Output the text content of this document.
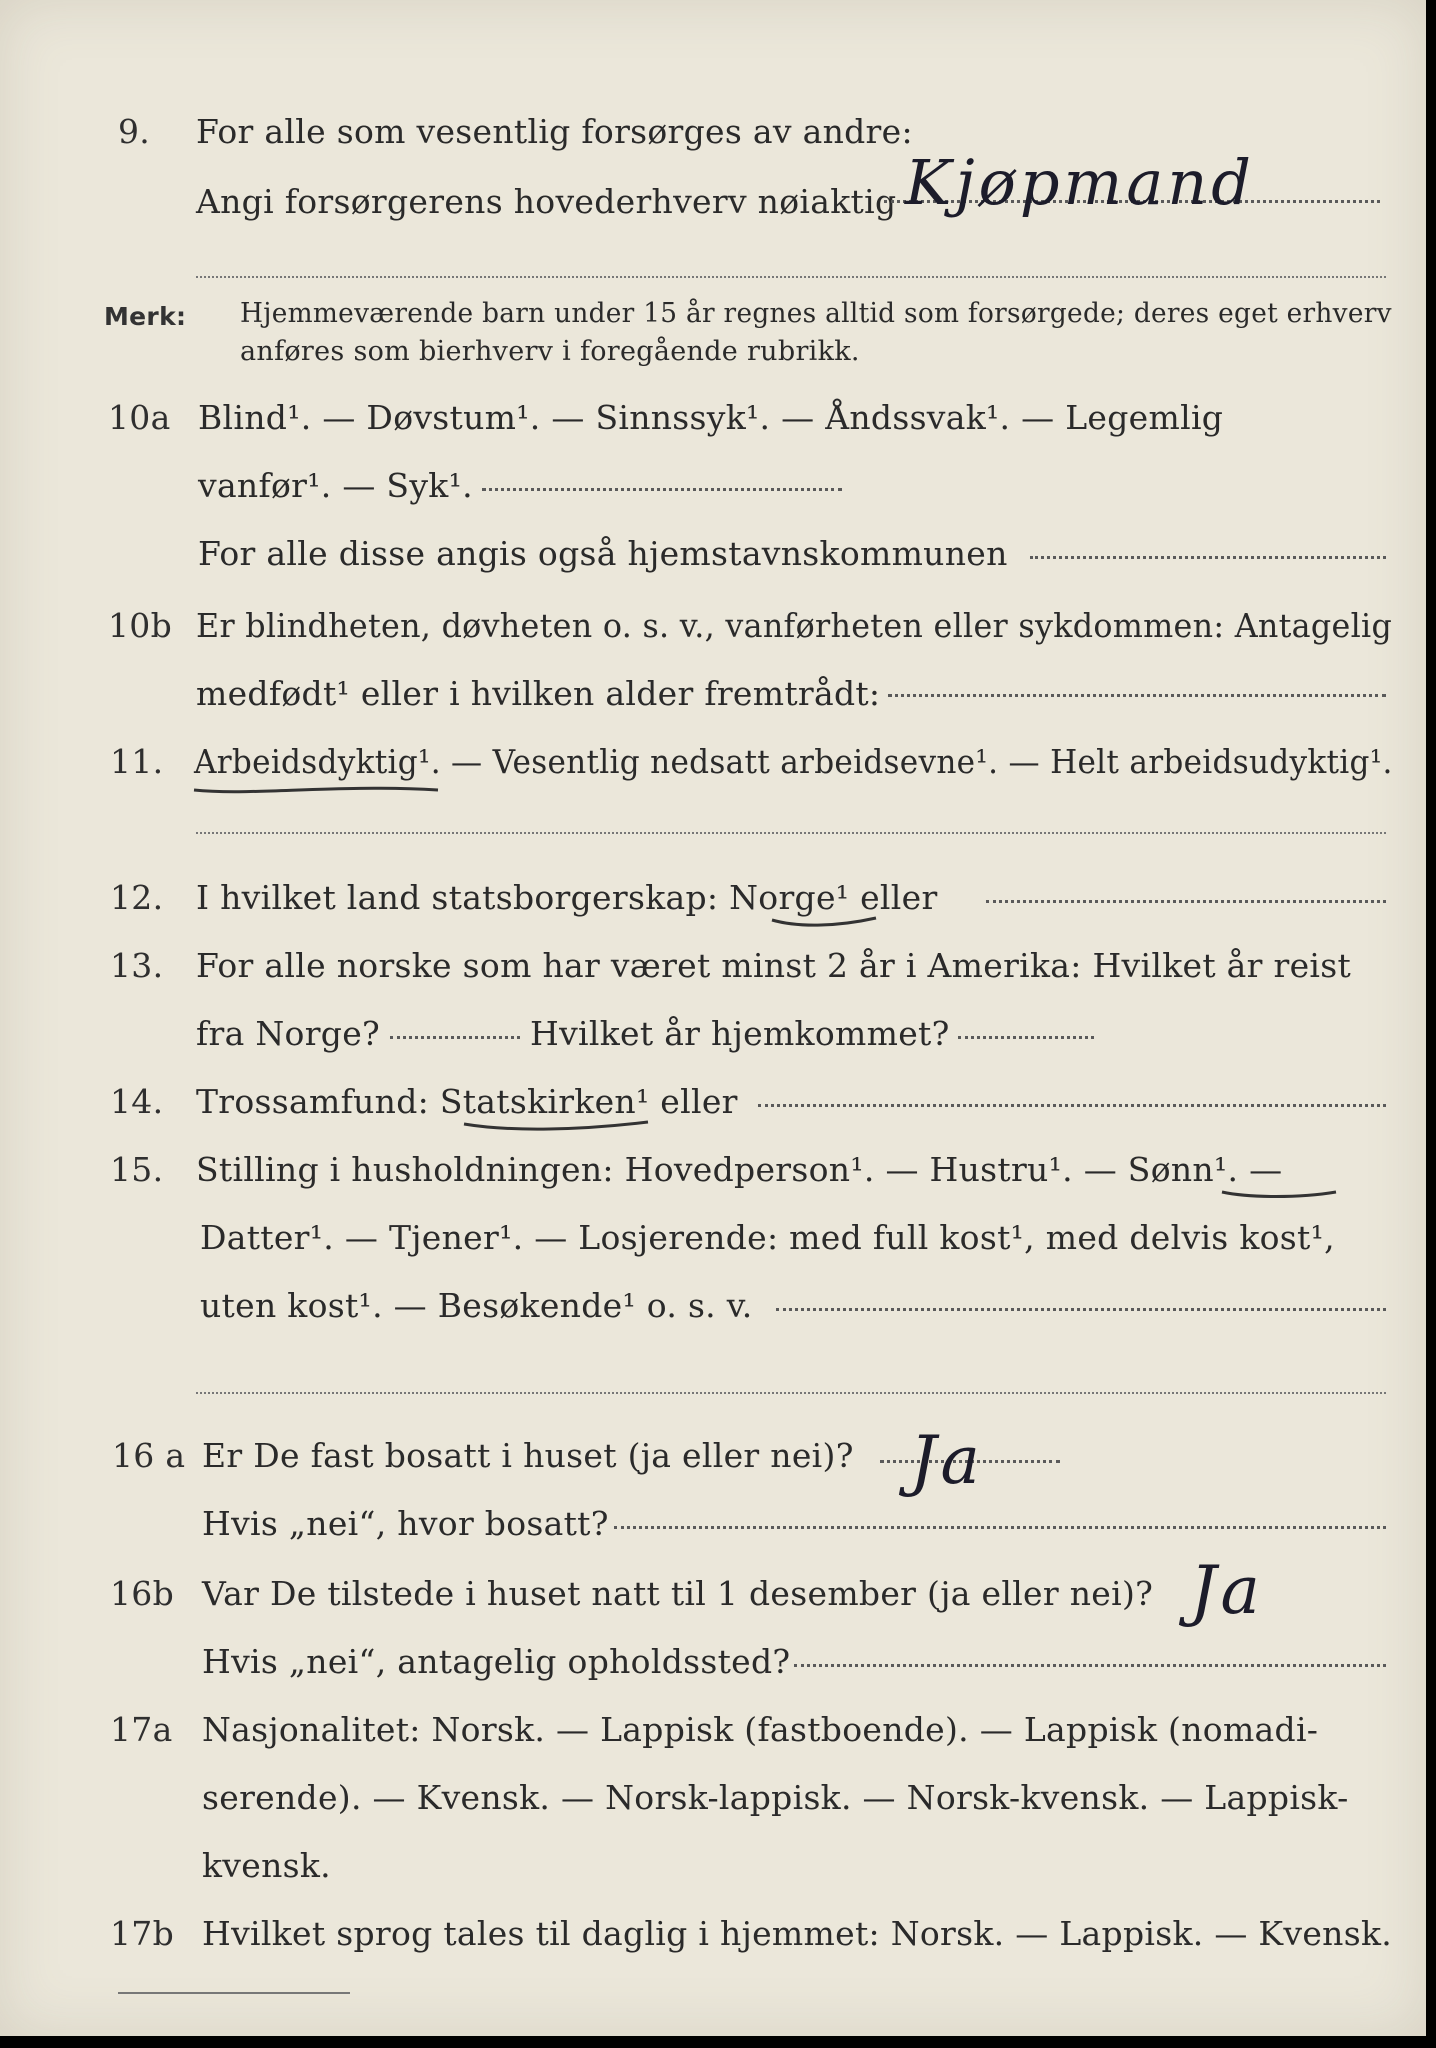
9. For alle som vesentlig forsørges av andre:
Angi forsørgerens hovederhverv nøiaktig Kjøpmand
Merk: Hjemmeværende barn under 15 år regnes alltid som forsørgede; deres eget erhverv
anføres som bierhverv i foregående rubrikk.
10a Blind¹. — Døvstum¹. — Sinnssyk¹. — Åndssvak¹. — Legemlig
vanfør¹. — Syk¹.
For alle disse angis også hjemstavnskommunen
10b Er blindheten, døvheten o. s. v., vanførheten eller sykdommen: Antagelig
medfødt¹ eller i hvilken alder fremtrådt:
11. Arbeidsdyktig¹. — Vesentlig nedsatt arbeidsevne¹. — Helt arbeidsudyktig¹.
12. I hvilket land statsborgerskap: Norge¹ eller
13. For alle norske som har været minst 2 år i Amerika: Hvilket år reist
fra Norge?	Hvilket år hjemkommet?
14. Trossamfund: Statskirken¹ eller
15. Stilling i husholdningen: Hovedperson¹. — Hustru¹. — Sønn¹. —
Datter¹. — Tjener¹. — Losjerende: med full kost¹, med delvis kost¹,
uten kost¹. — Besøkende¹ o. s. v.
16 a Er De fast bosatt i huset (ja eller nei)? Ja
Hvis „nei“, hvor bosatt?
16b Var De tilstede i huset natt til 1 desember (ja eller nei)? Ja
Hvis „nei“, antagelig opholdssted?
17a Nasjonalitet: Norsk. — Lappisk (fastboende). — Lappisk (nomadi-
serende). — Kvensk. — Norsk-lappisk. — Norsk-kvensk. — Lappisk-
kvensk.
17b Hvilket sprog tales til daglig i hjemmet: Norsk. — Lappisk. — Kvensk.
